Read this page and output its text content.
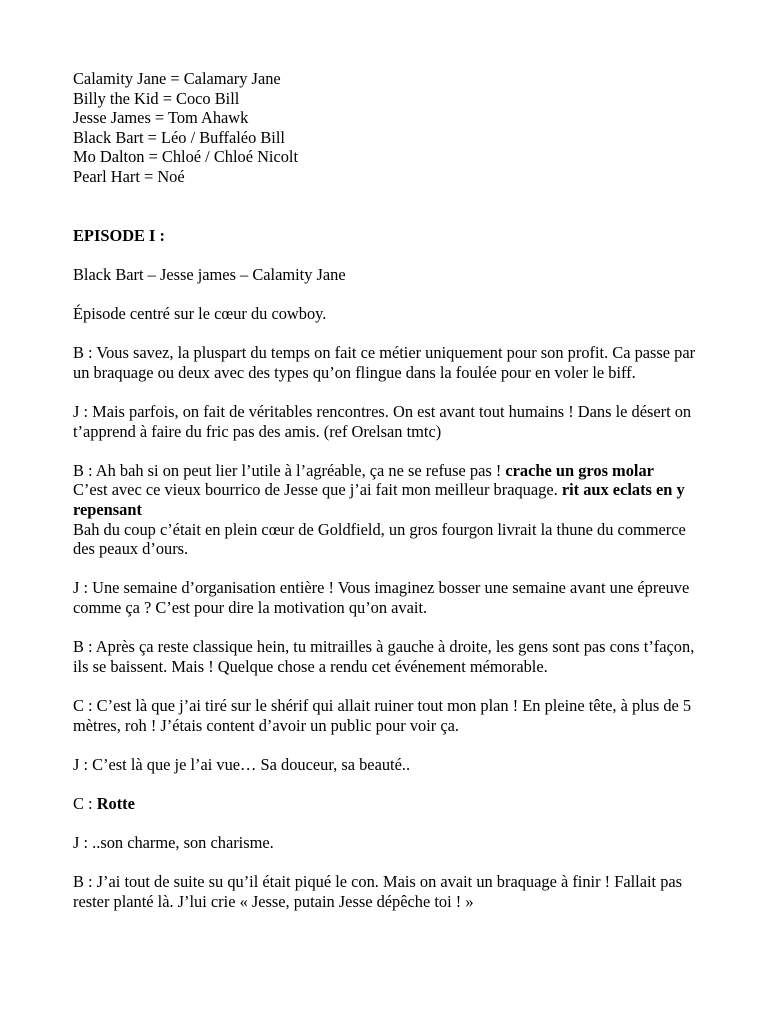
Calamity Jane = Calamary Jane
Billy the Kid = Coco Bill
Jesse James = Tom Ahawk
Black Bart = Léo / Buffaléo Bill
Mo Dalton = Chloé / Chloé Nicolt
Pearl Hart = Noé
EPISODE I :
Black Bart – Jesse james – Calamity Jane
Épisode centré sur le cœur du cowboy.
B : Vous savez, la pluspart du temps on fait ce métier uniquement pour son profit. Ca passe par un braquage ou deux avec des types qu’on flingue dans la foulée pour en voler le biff.
J : Mais parfois, on fait de véritables rencontres. On est avant tout humains ! Dans le désert on t’apprend à faire du fric pas des amis. (ref Orelsan tmtc)
B : Ah bah si on peut lier l’utile à l’agréable, ça ne se refuse pas ! crache un gros molar
C’est avec ce vieux bourrico de Jesse que j’ai fait mon meilleur braquage. rit aux eclats en y repensant
Bah du coup c’était en plein cœur de Goldfield, un gros fourgon livrait la thune du commerce des peaux d’ours.
J : Une semaine d’organisation entière ! Vous imaginez bosser une semaine avant une épreuve comme ça ? C’est pour dire la motivation qu’on avait.
B : Après ça reste classique hein, tu mitrailles à gauche à droite, les gens sont pas cons t’façon, ils se baissent. Mais ! Quelque chose a rendu cet événement mémorable.
C : C’est là que j’ai tiré sur le shérif qui allait ruiner tout mon plan ! En pleine tête, à plus de 5 mètres, roh ! J’étais content d’avoir un public pour voir ça.
J : C’est là que je l’ai vue… Sa douceur, sa beauté..
C : Rotte
J : ..son charme, son charisme.
B : J’ai tout de suite su qu’il était piqué le con. Mais on avait un braquage à finir ! Fallait pas rester planté là. J’lui crie « Jesse, putain Jesse dépêche toi ! »
